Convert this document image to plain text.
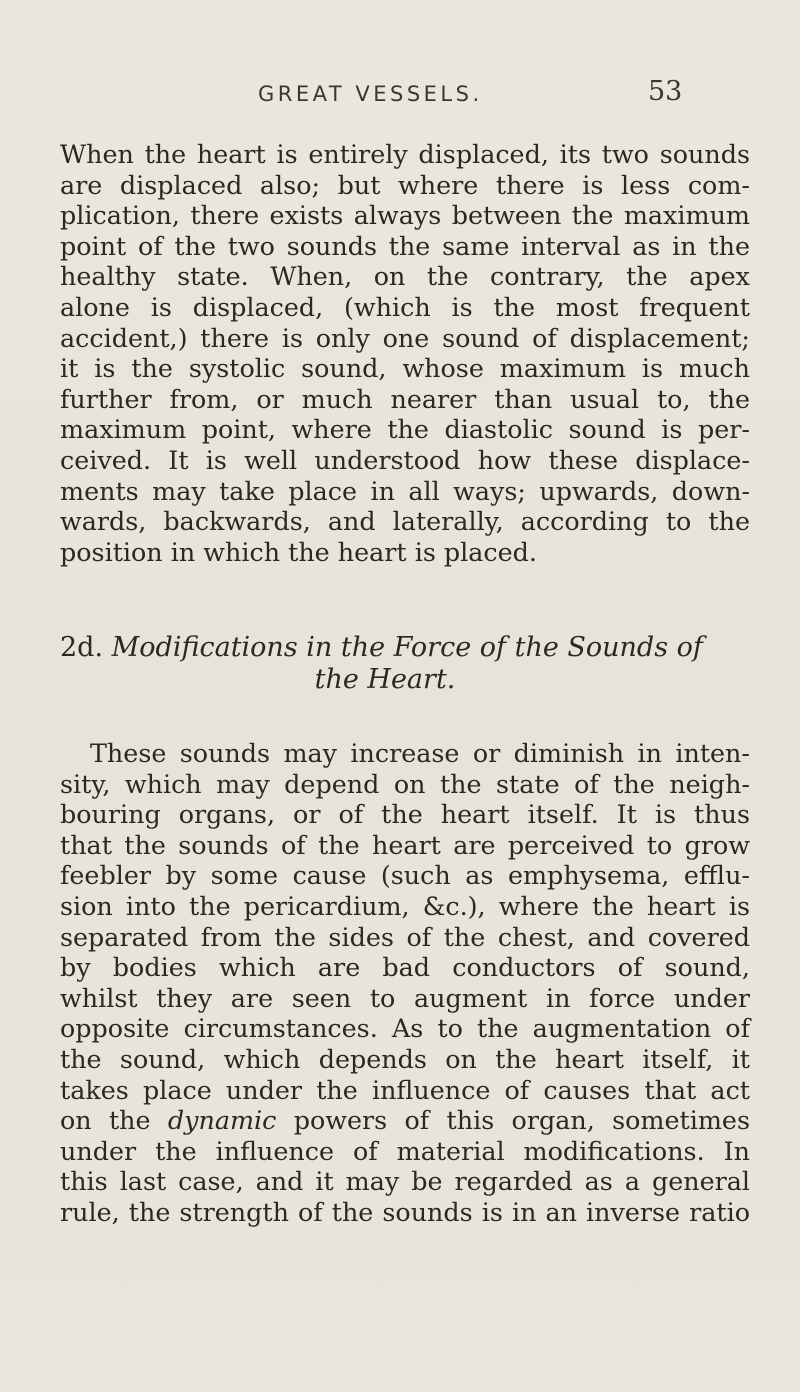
GREAT VESSELS.	53

When the heart is entirely displaced, its two sounds
are displaced also; but where there is less com-
plication, there exists always between the maximum
point of the two sounds the same interval as in the
healthy state. When, on the contrary, the apex
alone is displaced, (which is the most frequent
accident,) there is only one sound of displacement;
it is the systolic sound, whose maximum is much
further from, or much nearer than usual to, the
maximum point, where the diastolic sound is per-
ceived. It is well understood how these displace-
ments may take place in all ways; upwards, down-
wards, backwards, and laterally, according to the
position in which the heart is placed.

2d. Modifications in the Force of the Sounds of
the Heart.

These sounds may increase or diminish in inten-
sity, which may depend on the state of the neigh-
bouring organs, or of the heart itself. It is thus
that the sounds of the heart are perceived to grow
feebler by some cause (such as emphysema, efflu-
sion into the pericardium, &c.), where the heart is
separated from the sides of the chest, and covered
by bodies which are bad conductors of sound,
whilst they are seen to augment in force under
opposite circumstances. As to the augmentation of
the sound, which depends on the heart itself, it
takes place under the influence of causes that act
on the dynamic powers of this organ, sometimes
under the influence of material modifications. In
this last case, and it may be regarded as a general
rule, the strength of the sounds is in an inverse ratio
